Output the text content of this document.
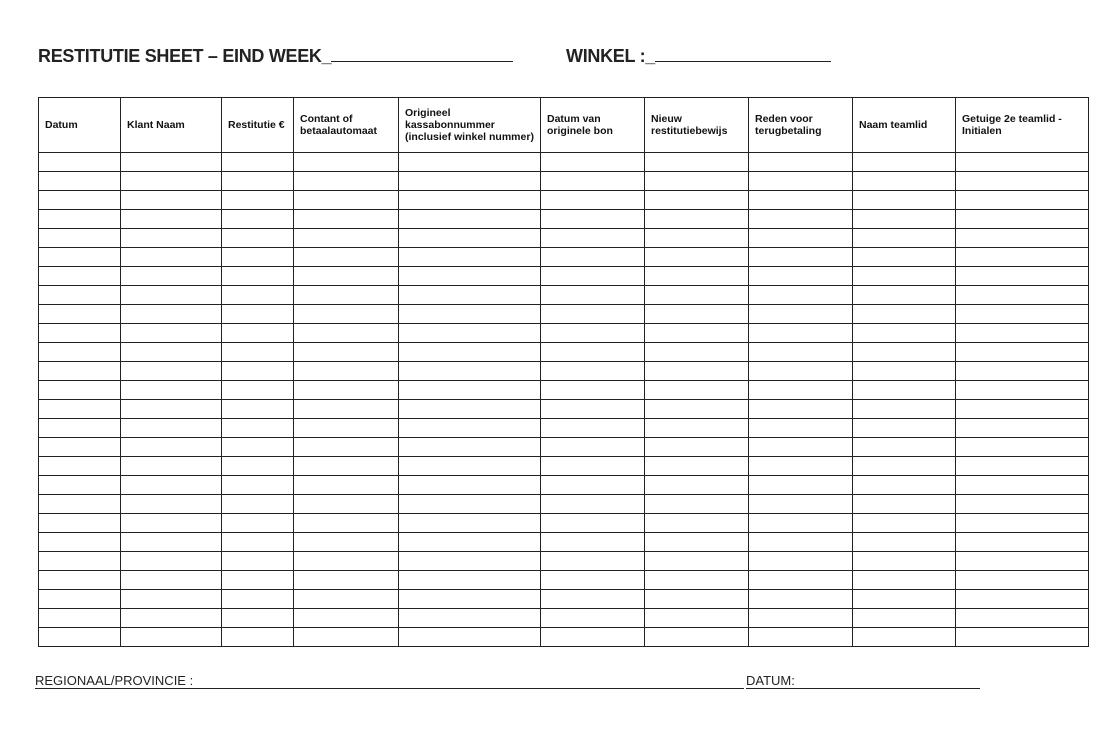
RESTITUTIE SHEET – EIND WEEK_	WINKEL :_
Datum	Klant Naam	Restitutie €	Contant of betaalautomaat	Origineel kassabonnummer (inclusief winkel nummer)	Datum van originele bon	Nieuw restitutiebewijs	Reden voor terugbetaling	Naam teamlid	Getuige 2e teamlid - Initialen

REGIONAAL/PROVINCIE :	DATUM:
